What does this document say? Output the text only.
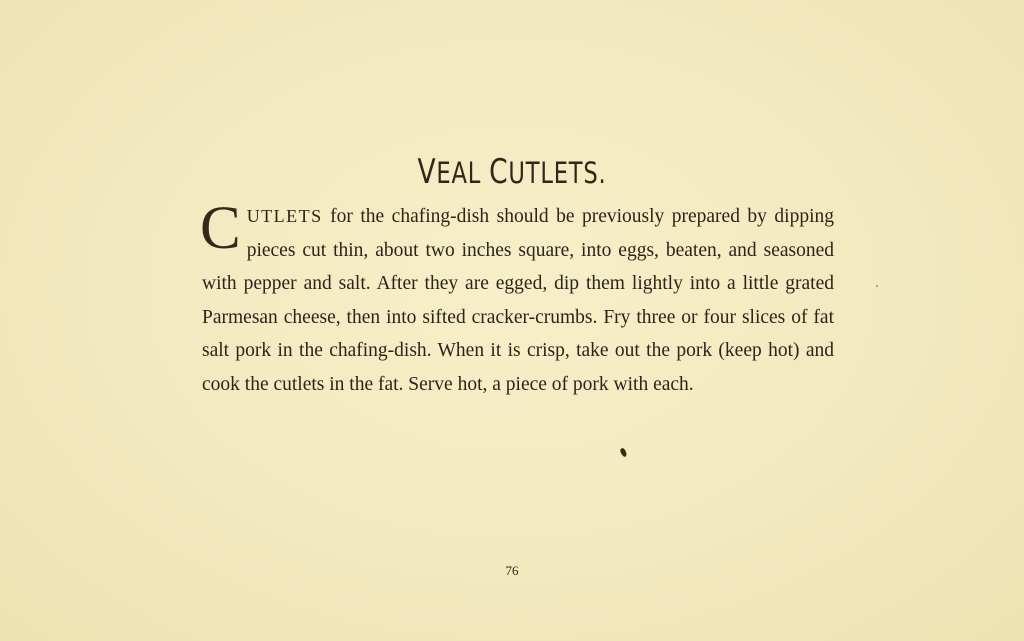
VEAL CUTLETS.

CUTLETS for the chafing-dish should be previously prepared by dipping pieces cut thin, about two inches square, into eggs, beaten, and seasoned with pepper and salt. After they are egged, dip them lightly into a little grated Parmesan cheese, then into sifted cracker-crumbs. Fry three or four slices of fat salt pork in the chafing-dish. When it is crisp, take out the pork (keep hot) and cook the cutlets in the fat. Serve hot, a piece of pork with each.

76
